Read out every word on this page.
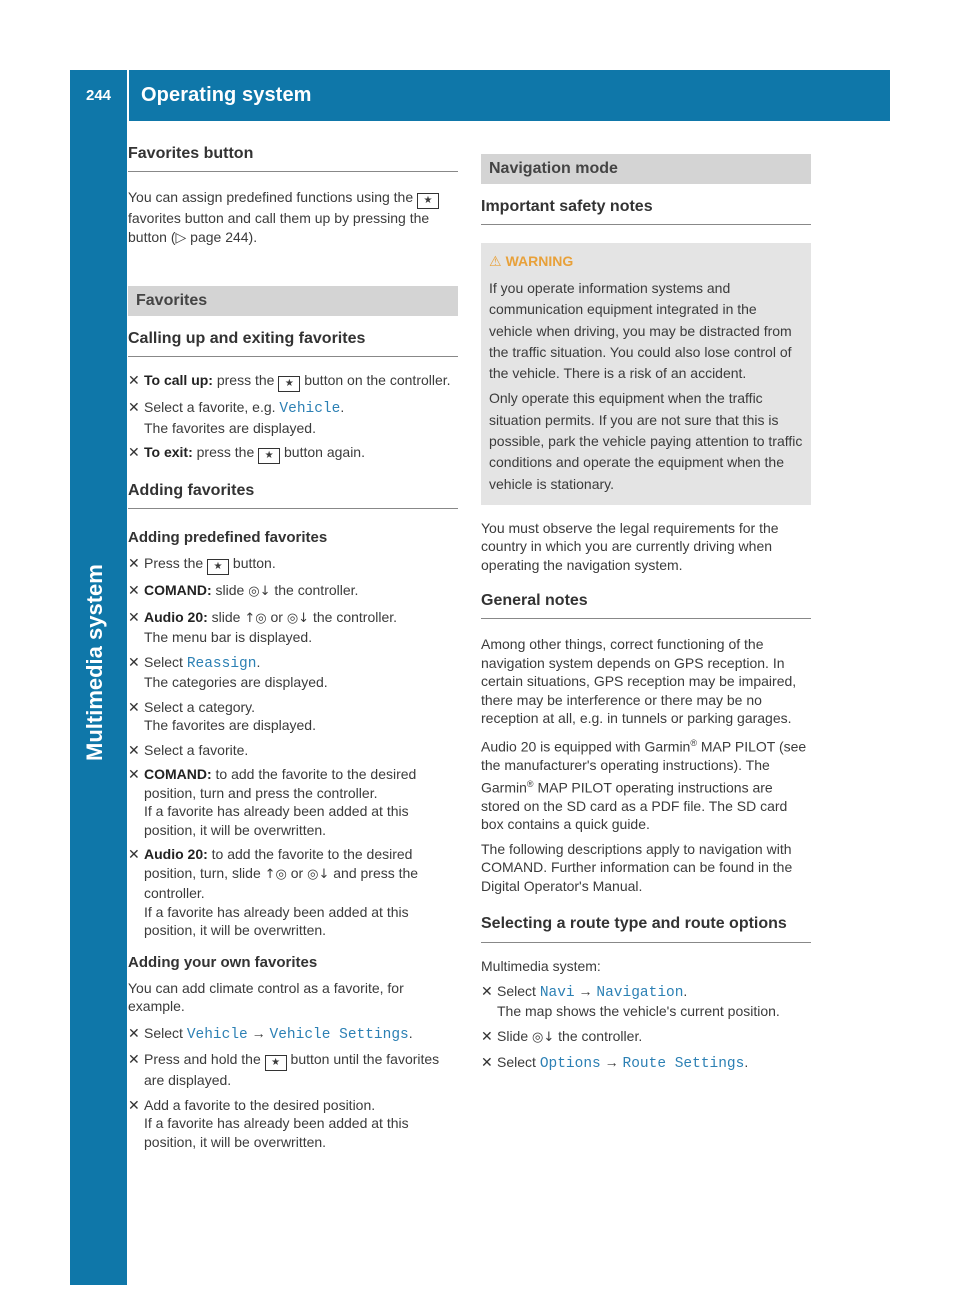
244	Operating system
Multimedia system
Favorites button

You can assign predefined functions using the ★ favorites button and call them up by pressing the button (▷ page 244).

Favorites
Calling up and exiting favorites
✕ To call up: press the ★ button on the controller.
✕ Select a favorite, e.g. Vehicle.
The favorites are displayed.
✕ To exit: press the ★ button again.
Adding favorites
Adding predefined favorites
✕ Press the ★ button.
✕ COMAND: slide ◎↓ the controller.
✕ Audio 20: slide ↑◎ or ◎↓ the controller.
The menu bar is displayed.
✕ Select Reassign.
The categories are displayed.
✕ Select a category.
The favorites are displayed.
✕ Select a favorite.
✕ COMAND: to add the favorite to the desired position, turn and press the controller.
If a favorite has already been added at this position, it will be overwritten.
✕ Audio 20: to add the favorite to the desired position, turn, slide ↑◎ or ◎↓ and press the controller.
If a favorite has already been added at this position, it will be overwritten.
Adding your own favorites

You can add climate control as a favorite, for example.

✕ Select Vehicle → Vehicle Settings.
✕ Press and hold the ★ button until the favorites are displayed.
✕ Add a favorite to the desired position.
If a favorite has already been added at this position, it will be overwritten.
Navigation mode
Important safety notes
⚠ WARNING

If you operate information systems and communication equipment integrated in the vehicle when driving, you may be distracted from the traffic situation. You could also lose control of the vehicle. There is a risk of an accident.

Only operate this equipment when the traffic situation permits. If you are not sure that this is possible, park the vehicle paying attention to traffic conditions and operate the equipment when the vehicle is stationary.

You must observe the legal requirements for the country in which you are currently driving when operating the navigation system.

General notes

Among other things, correct functioning of the navigation system depends on GPS reception. In certain situations, GPS reception may be impaired, there may be interference or there may be no reception at all, e.g. in tunnels or parking garages.

Audio 20 is equipped with Garmin® MAP PILOT (see the manufacturer's operating instructions). The Garmin® MAP PILOT operating instructions are stored on the SD card as a PDF file. The SD card box contains a quick guide.

The following descriptions apply to navigation with COMAND. Further information can be found in the Digital Operator's Manual.

Selecting a route type and route options

Multimedia system:

✕ Select Navi → Navigation.
The map shows the vehicle's current position.
✕ Slide ◎↓ the controller.
✕ Select Options → Route Settings.
